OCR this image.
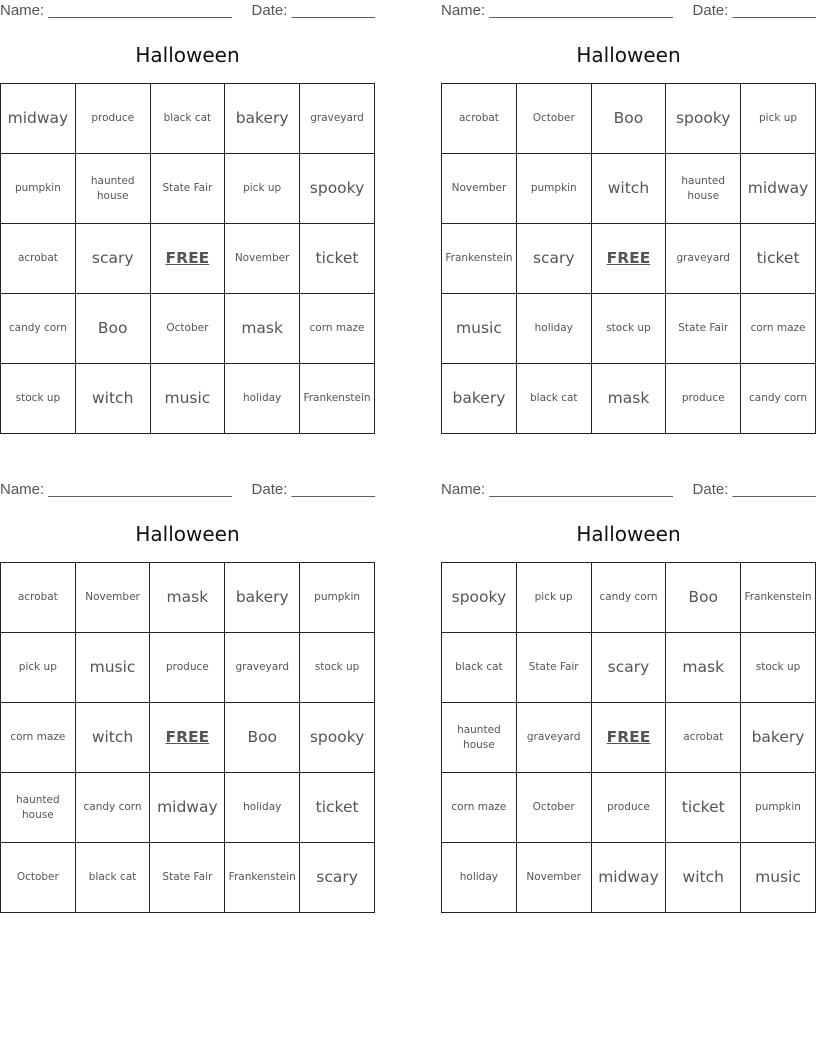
Name: ______________________ Date: __________
Halloween
midway	produce	black cat	bakery	graveyard
pumpkin	haunted house	State Fair	pick up	spooky
acrobat	scary	FREE	November	ticket
candy corn	Boo	October	mask	corn maze
stock up	witch	music	holiday	Frankenstein
Name: ______________________ Date: __________
Halloween
acrobat	October	Boo	spooky	pick up
November	pumpkin	witch	haunted house	midway
Frankenstein	scary	FREE	graveyard	ticket
music	holiday	stock up	State Fair	corn maze
bakery	black cat	mask	produce	candy corn
Name: ______________________ Date: __________
Halloween
acrobat	November	mask	bakery	pumpkin
pick up	music	produce	graveyard	stock up
corn maze	witch	FREE	Boo	spooky
haunted house	candy corn	midway	holiday	ticket
October	black cat	State Fair	Frankenstein	scary
Name: ______________________ Date: __________
Halloween
spooky	pick up	candy corn	Boo	Frankenstein
black cat	State Fair	scary	mask	stock up
haunted house	graveyard	FREE	acrobat	bakery
corn maze	October	produce	ticket	pumpkin
holiday	November	midway	witch	music
